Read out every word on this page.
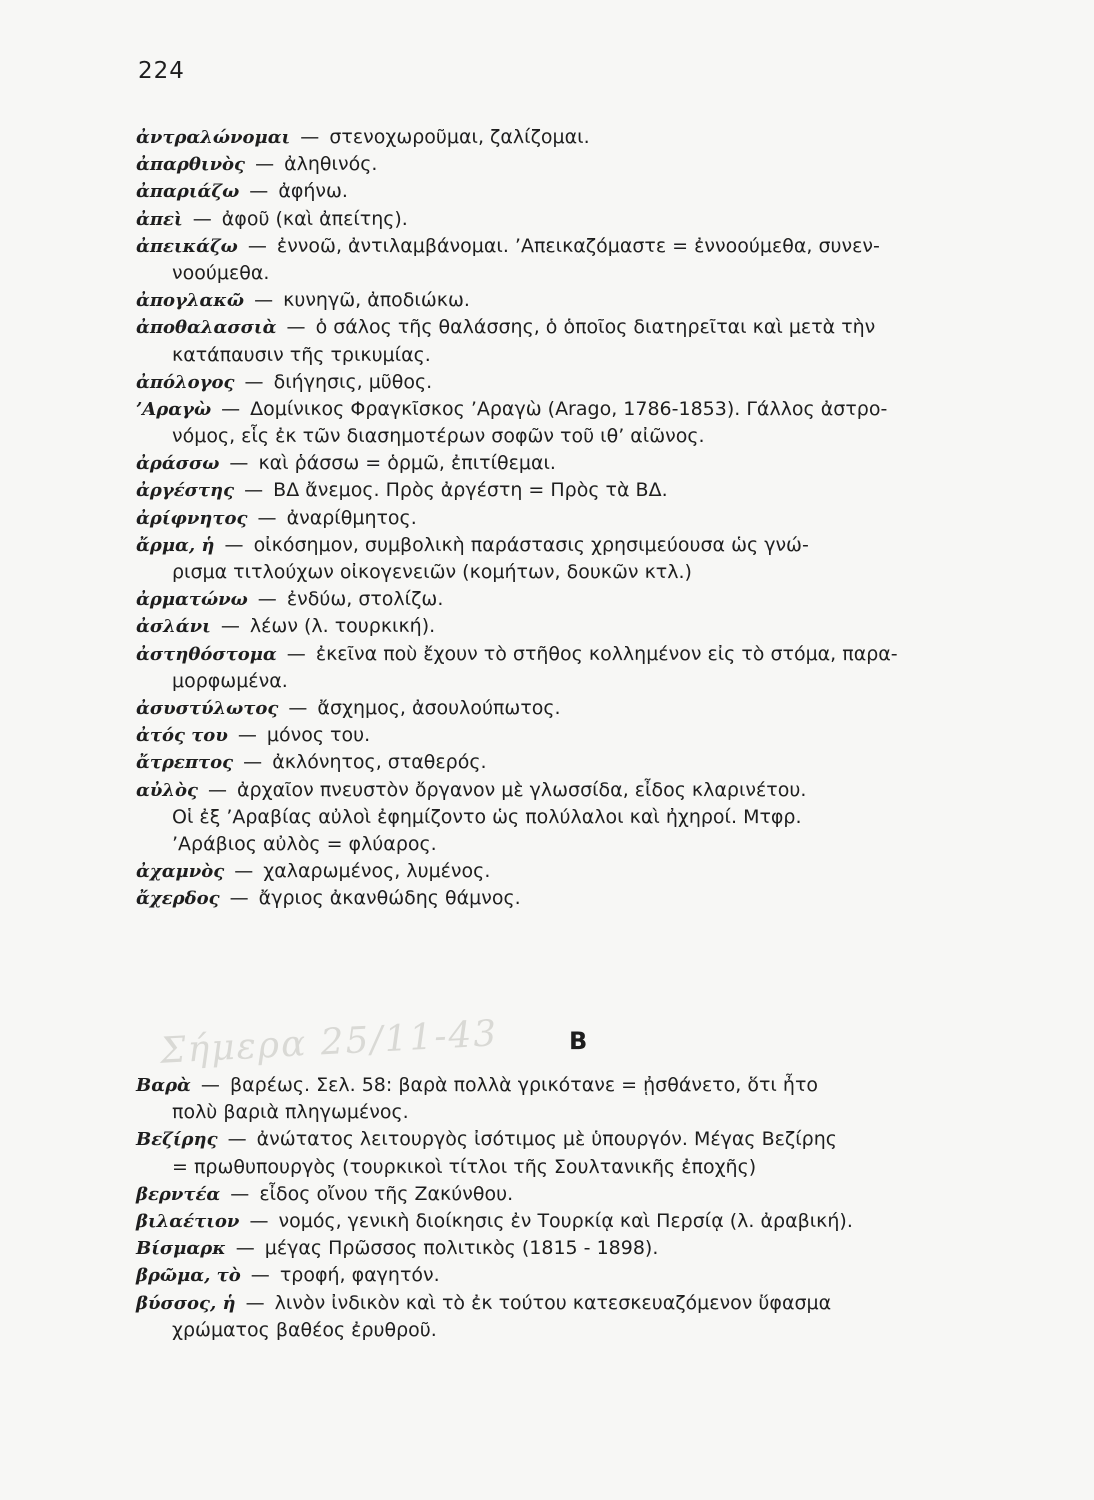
224
ἀντραλώνομαι — στενοχωροῦμαι, ζαλίζομαι.
ἀπαρθινὸς — ἀληθινός.
ἀπαριάζω — ἀφήνω.
ἀπεὶ — ἀφοῦ (καὶ ἀπείτης).
ἀπεικάζω — ἐννοῶ, ἀντιλαμβάνομαι. ’Απεικαζόμαστε = ἐννοούμεθα, συνεν-
νοούμεθα.
ἀπογλακῶ — κυνηγῶ, ἀποδιώκω.
ἀποθαλασσιὰ — ὁ σάλος τῆς θαλάσσης, ὁ ὁποῖος διατηρεῖται καὶ μετὰ τὴν
κατάπαυσιν τῆς τρικυμίας.
ἀπόλογος — διήγησις, μῦθος.
’Αραγὼ — Δομίνικος Φραγκῖσκος ’Αραγὼ (Arago, 1786-1853). Γάλλος ἀστρο-
νόμος, εἷς ἐκ τῶν διασημοτέρων σοφῶν τοῦ ιθ’ αἰῶνος.
ἀράσσω — καὶ ῥάσσω = ὁρμῶ, ἐπιτίθεμαι.
ἀργέστης — ΒΔ ἄνεμος. Πρὸς ἀργέστη = Πρὸς τὰ ΒΔ.
ἀρίφνητος — ἀναρίθμητος.
ἄρμα, ἡ — οἰκόσημον, συμβολικὴ παράστασις χρησιμεύουσα ὡς γνώ-
ρισμα τιτλούχων οἰκογενειῶν (κομήτων, δουκῶν κτλ.)
ἀρματώνω — ἐνδύω, στολίζω.
ἀσλάνι — λέων (λ. τουρκική).
ἀστηθόστομα — ἐκεῖνα ποὺ ἔχουν τὸ στῆθος κολλημένον εἰς τὸ στόμα, παρα-
μορφωμένα.
ἀσυστύλωτος — ἄσχημος, ἀσουλούπωτος.
ἀτός του — μόνος του.
ἄτρεπτος — ἀκλόνητος, σταθερός.
αὐλὸς — ἀρχαῖον πνευστὸν ὄργανον μὲ γλωσσίδα, εἶδος κλαρινέτου.
Οἱ ἐξ ’Αραβίας αὐλοὶ ἐφημίζοντο ὡς πολύλαλοι καὶ ἠχηροί. Μτφρ.
’Αράβιος αὐλὸς = φλύαρος.
ἀχαμνὸς — χαλαρωμένος, λυμένος.
ἄχερδος — ἄγριος ἀκανθώδης θάμνος.
Σήμερα 25/11-43	Β
Βαρὰ — βαρέως. Σελ. 58: βαρὰ πολλὰ γρικότανε = ᾐσθάνετο, ὅτι ἦτο
πολὺ βαριὰ πληγωμένος.
Βεζίρης — ἀνώτατος λειτουργὸς ἰσότιμος μὲ ὑπουργόν. Μέγας Βεζίρης
= πρωθυπουργὸς (τουρκικοὶ τίτλοι τῆς Σουλτανικῆς ἐποχῆς)
βερντέα — εἶδος οἴνου τῆς Ζακύνθου.
βιλαέτιον — νομός, γενικὴ διοίκησις ἐν Τουρκίᾳ καὶ Περσίᾳ (λ. ἀραβική).
Βίσμαρκ — μέγας Πρῶσσος πολιτικὸς (1815 - 1898).
βρῶμα, τὸ — τροφή, φαγητόν.
βύσσος, ἡ — λινὸν ἰνδικὸν καὶ τὸ ἐκ τούτου κατεσκευαζόμενον ὕφασμα
χρώματος βαθέος ἐρυθροῦ.
